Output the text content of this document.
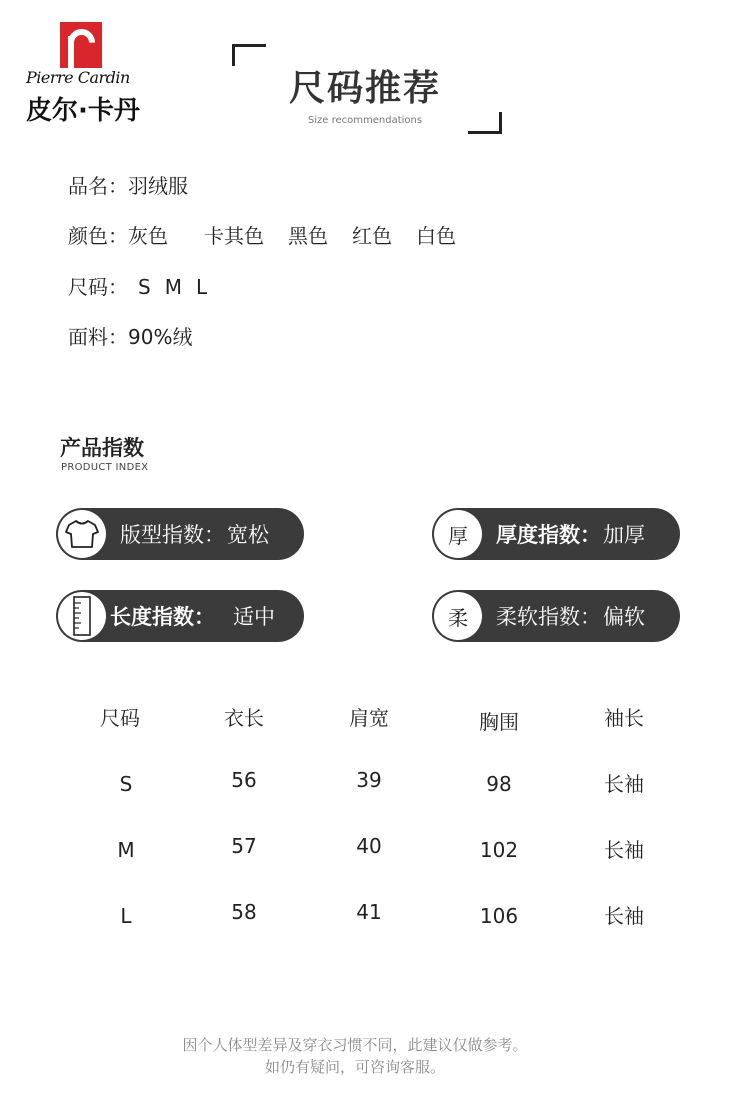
Pierre Cardin
皮尔·卡丹
尺码推荐
Size recommendations
品名：羽绒服
颜色：灰色 卡其色 黑色 红色 白色
尺码： S M L
面料：90%绒
产品指数
PRODUCT INDEX
版型指数： 宽松	厚	厚度指数： 加厚
长度指数： 适中	柔	柔软指数： 偏软
尺码	衣长	肩宽	胸围	袖长
S	56	39	98	长袖
M	57	40	102	长袖
L	58	41	106	长袖
因个人体型差异及穿衣习惯不同，此建议仅做参考。
如仍有疑问，可咨询客服。
